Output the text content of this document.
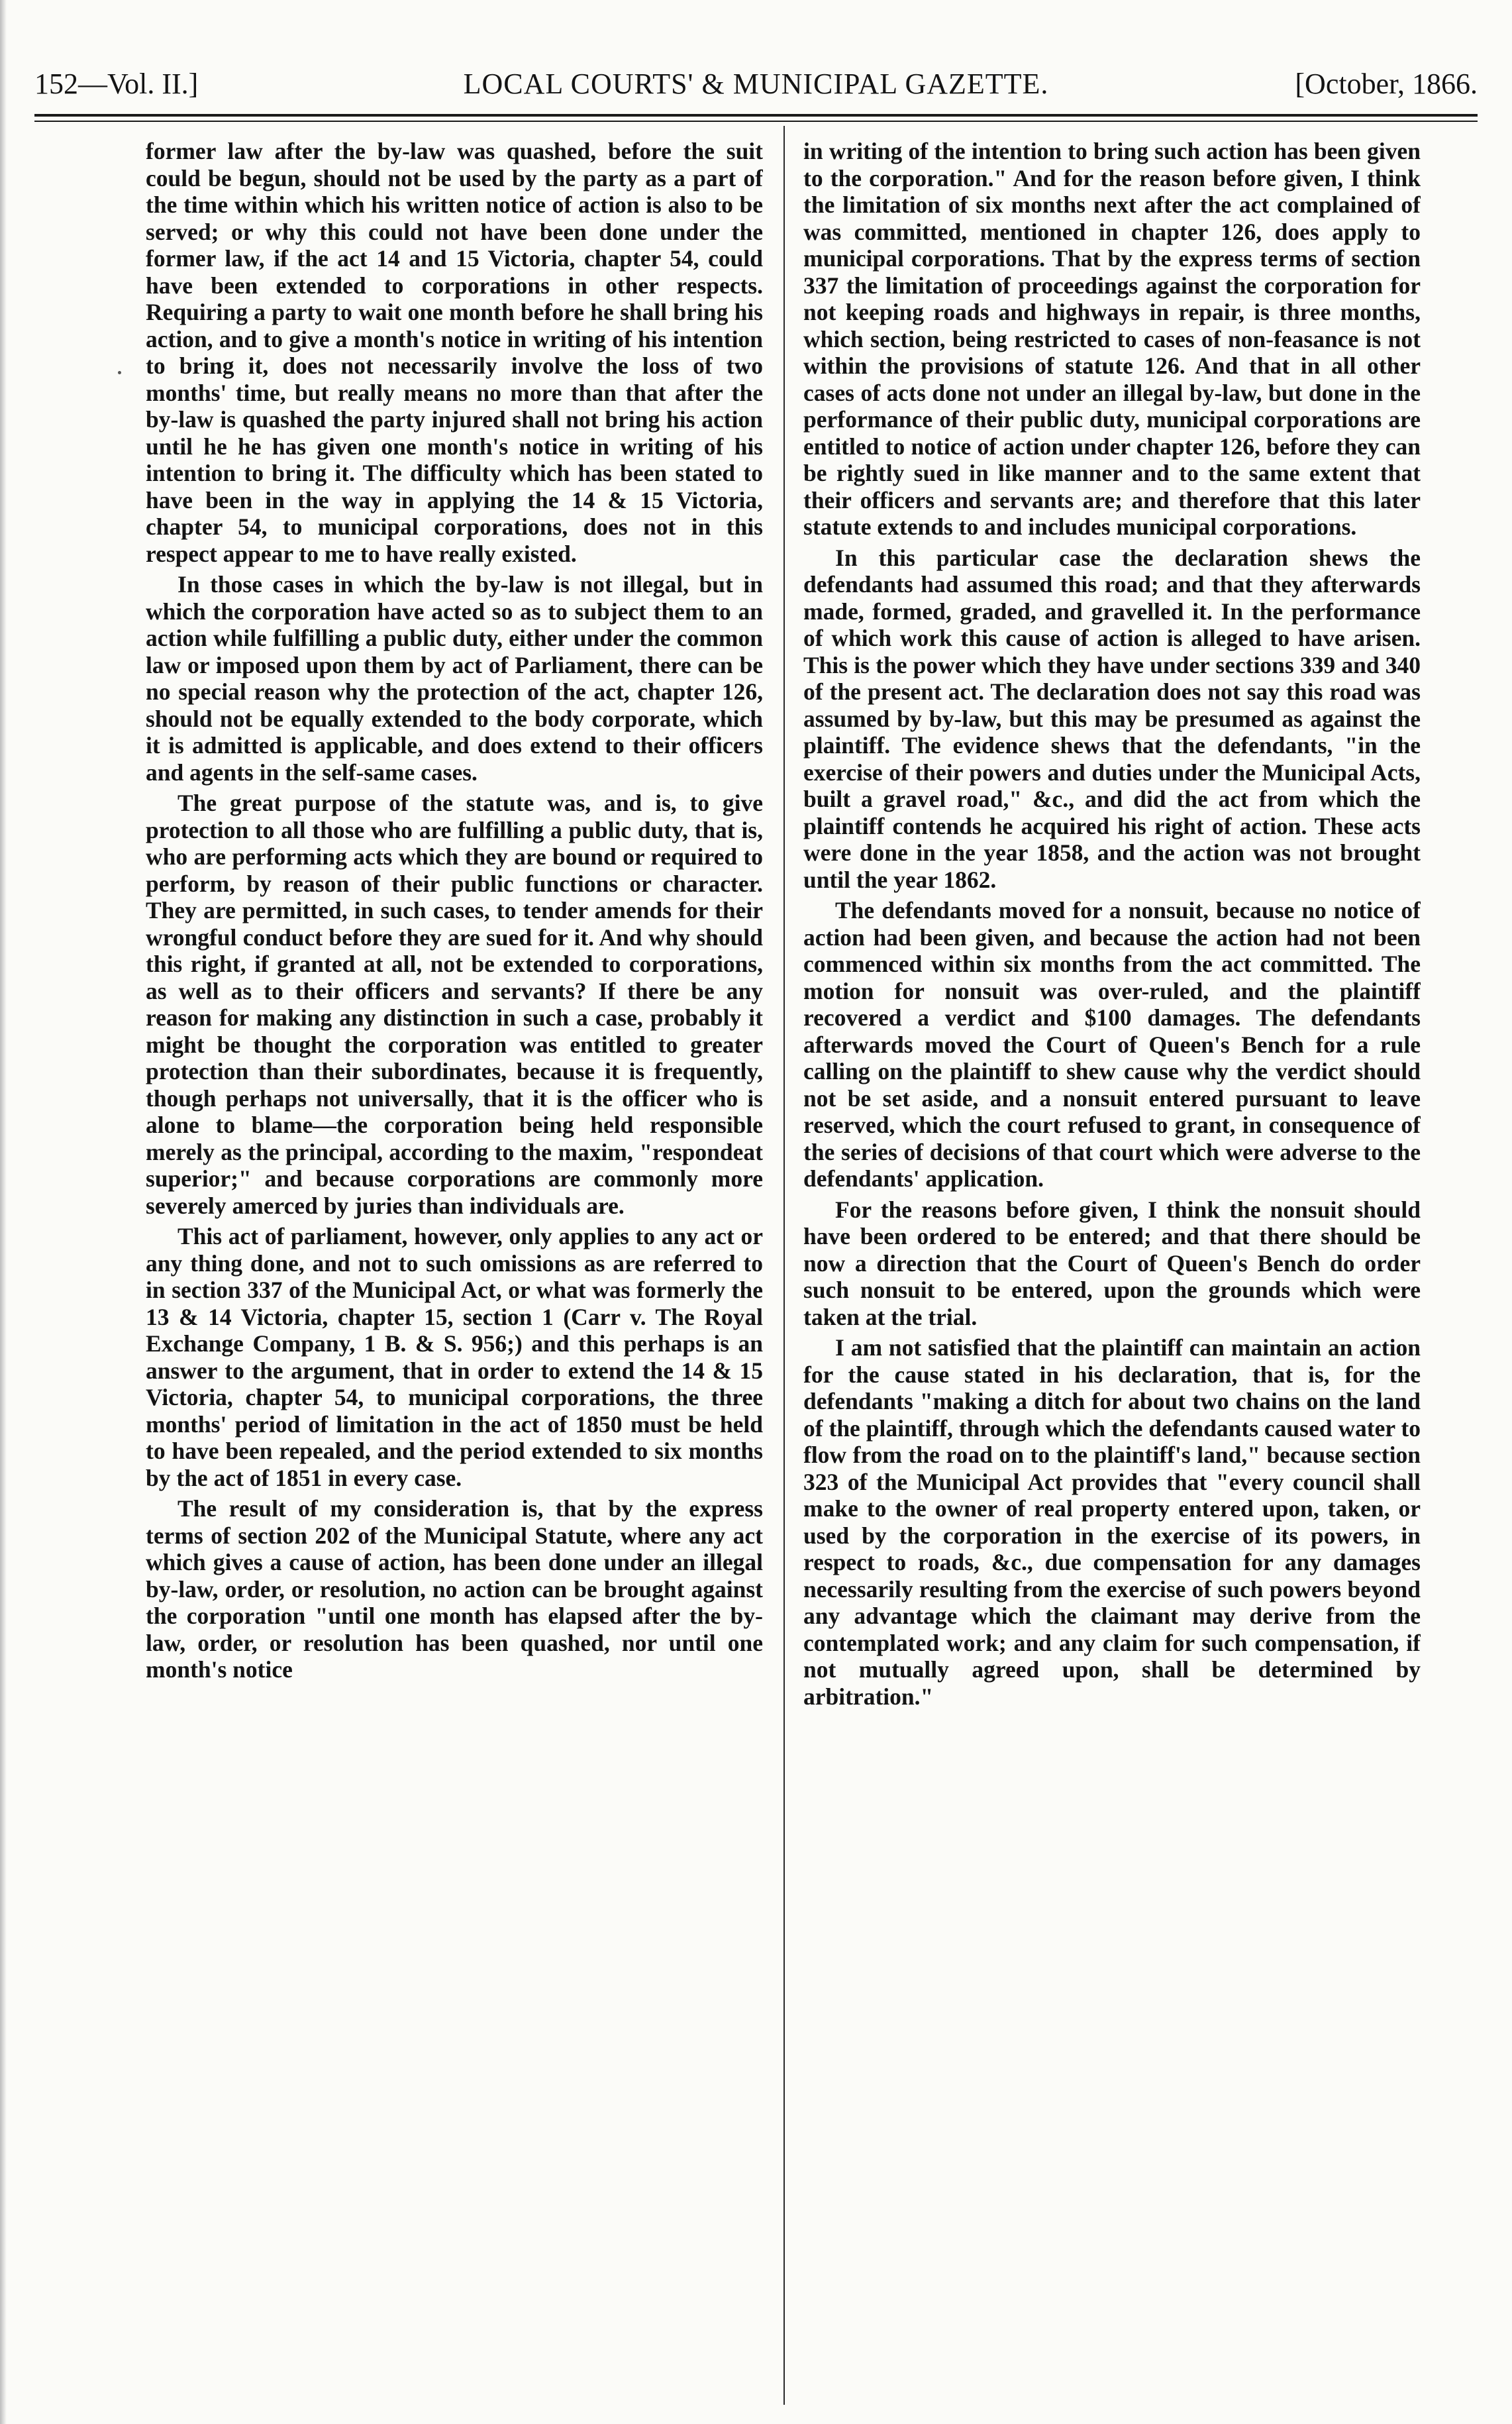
152—Vol. II.]	LOCAL COURTS' & MUNICIPAL GAZETTE.	[October, 1866.

former law after the by-law was quashed, before the suit could be begun, should not be used by the party as a part of the time within which his written notice of action is also to be served; or why this could not have been done under the former law, if the act 14 and 15 Victoria, chapter 54, could have been extended to corporations in other respects. Requiring a party to wait one month before he shall bring his action, and to give a month's notice in writing of his intention to bring it, does not necessarily involve the loss of two months' time, but really means no more than that after the by-law is quashed the party injured shall not bring his action until he he has given one month's notice in writing of his intention to bring it. The difficulty which has been stated to have been in the way in applying the 14 & 15 Victoria, chapter 54, to municipal corporations, does not in this respect appear to me to have really existed.

In those cases in which the by-law is not illegal, but in which the corporation have acted so as to subject them to an action while fulfilling a public duty, either under the common law or imposed upon them by act of Parliament, there can be no special reason why the protection of the act, chapter 126, should not be equally extended to the body corporate, which it is admitted is applicable, and does extend to their officers and agents in the self-same cases.

The great purpose of the statute was, and is, to give protection to all those who are fulfilling a public duty, that is, who are performing acts which they are bound or required to perform, by reason of their public functions or character. They are permitted, in such cases, to tender amends for their wrongful conduct before they are sued for it. And why should this right, if granted at all, not be extended to corporations, as well as to their officers and servants? If there be any reason for making any distinction in such a case, probably it might be thought the corporation was entitled to greater protection than their subordinates, because it is frequently, though perhaps not universally, that it is the officer who is alone to blame—the corporation being held responsible merely as the principal, according to the maxim, "respondeat superior;" and because corporations are commonly more severely amerced by juries than individuals are.

This act of parliament, however, only applies to any act or any thing done, and not to such omissions as are referred to in section 337 of the Municipal Act, or what was formerly the 13 & 14 Victoria, chapter 15, section 1 (Carr v. The Royal Exchange Company, 1 B. & S. 956;) and this perhaps is an answer to the argument, that in order to extend the 14 & 15 Victoria, chapter 54, to municipal corporations, the three months' period of limitation in the act of 1850 must be held to have been repealed, and the period extended to six months by the act of 1851 in every case.

The result of my consideration is, that by the express terms of section 202 of the Municipal Statute, where any act which gives a cause of action, has been done under an illegal by-law, order, or resolution, no action can be brought against the corporation "until one month has elapsed after the by-law, order, or resolution has been quashed, nor until one month's notice

in writing of the intention to bring such action has been given to the corporation." And for the reason before given, I think the limitation of six months next after the act complained of was committed, mentioned in chapter 126, does apply to municipal corporations. That by the express terms of section 337 the limitation of proceedings against the corporation for not keeping roads and highways in repair, is three months, which section, being restricted to cases of non-feasance is not within the provisions of statute 126. And that in all other cases of acts done not under an illegal by-law, but done in the performance of their public duty, municipal corporations are entitled to notice of action under chapter 126, before they can be rightly sued in like manner and to the same extent that their officers and servants are; and therefore that this later statute extends to and includes municipal corporations.

In this particular case the declaration shews the defendants had assumed this road; and that they afterwards made, formed, graded, and gravelled it. In the performance of which work this cause of action is alleged to have arisen. This is the power which they have under sections 339 and 340 of the present act. The declaration does not say this road was assumed by by-law, but this may be presumed as against the plaintiff. The evidence shews that the defendants, "in the exercise of their powers and duties under the Municipal Acts, built a gravel road," &c., and did the act from which the plaintiff contends he acquired his right of action. These acts were done in the year 1858, and the action was not brought until the year 1862.

The defendants moved for a nonsuit, because no notice of action had been given, and because the action had not been commenced within six months from the act committed. The motion for nonsuit was over-ruled, and the plaintiff recovered a verdict and $100 damages. The defendants afterwards moved the Court of Queen's Bench for a rule calling on the plaintiff to shew cause why the verdict should not be set aside, and a nonsuit entered pursuant to leave reserved, which the court refused to grant, in consequence of the series of decisions of that court which were adverse to the defendants' application.

For the reasons before given, I think the nonsuit should have been ordered to be entered; and that there should be now a direction that the Court of Queen's Bench do order such nonsuit to be entered, upon the grounds which were taken at the trial.

I am not satisfied that the plaintiff can maintain an action for the cause stated in his declaration, that is, for the defendants "making a ditch for about two chains on the land of the plaintiff, through which the defendants caused water to flow from the road on to the plaintiff's land," because section 323 of the Municipal Act provides that "every council shall make to the owner of real property entered upon, taken, or used by the corporation in the exercise of its powers, in respect to roads, &c., due compensation for any damages necessarily resulting from the exercise of such powers beyond any advantage which the claimant may derive from the contemplated work; and any claim for such compensation, if not mutually agreed upon, shall be determined by arbitration."
